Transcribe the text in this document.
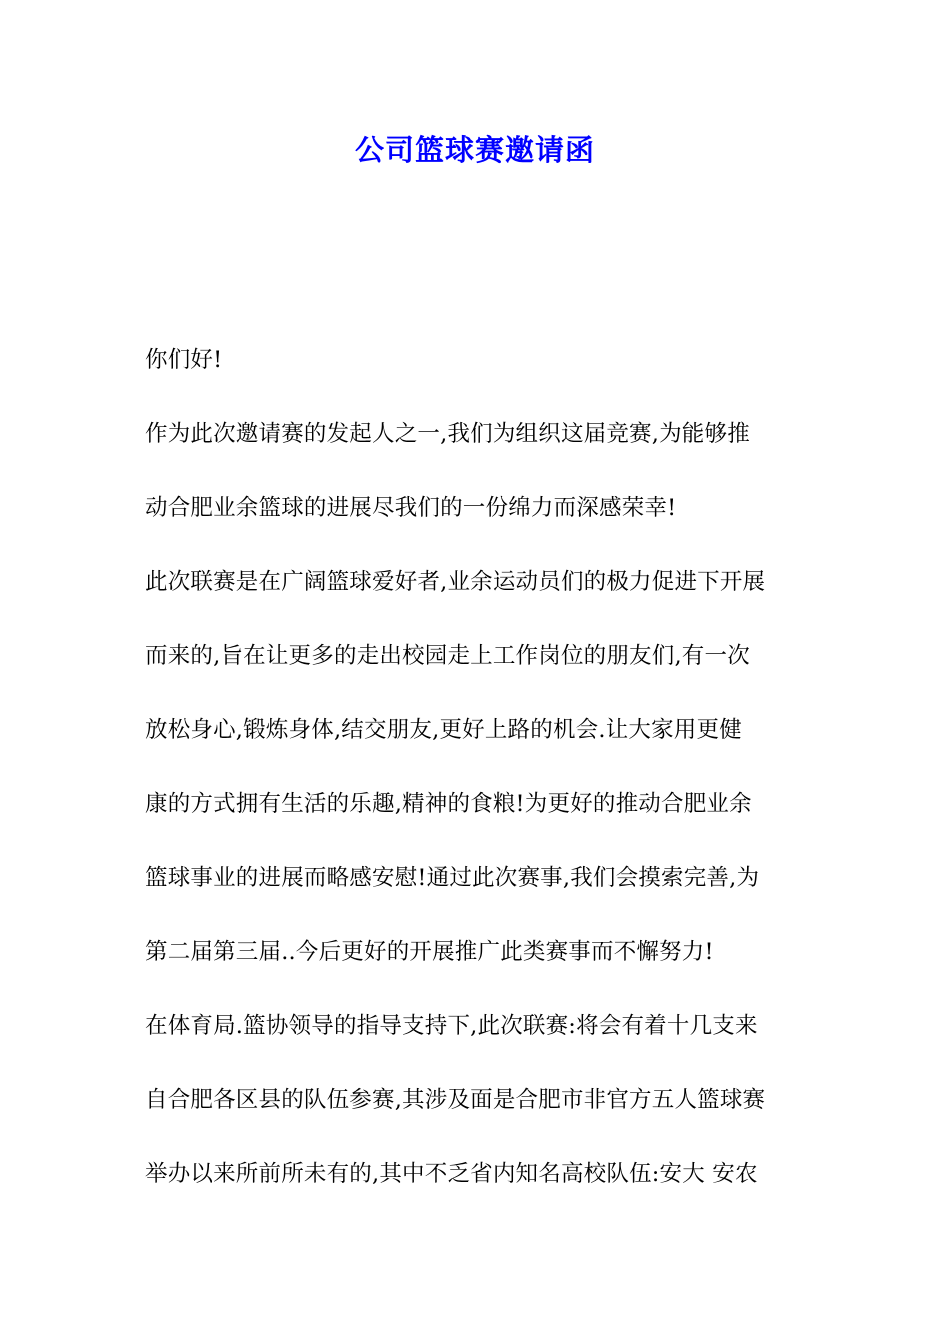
公司篮球赛邀请函
你们好!
作为此次邀请赛的发起人之一,我们为组织这届竞赛,为能够推
动合肥业余篮球的进展尽我们的一份绵力而深感荣幸!
此次联赛是在广阔篮球爱好者,业余运动员们的极力促进下开展
而来的,旨在让更多的走出校园走上工作岗位的朋友们,有一次
放松身心,锻炼身体,结交朋友,更好上路的机会.让大家用更健
康的方式拥有生活的乐趣,精神的食粮!为更好的推动合肥业余
篮球事业的进展而略感安慰!通过此次赛事,我们会摸索完善,为
第二届第三届..今后更好的开展推广此类赛事而不懈努力!
在体育局.篮协领导的指导支持下,此次联赛:将会有着十几支来
自合肥各区县的队伍参赛,其涉及面是合肥市非官方五人篮球赛
举办以来所前所未有的,其中不乏省内知名高校队伍:安大 安农
